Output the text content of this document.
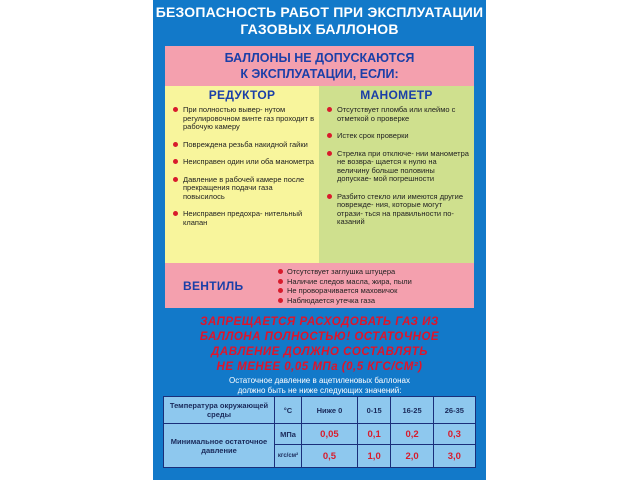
БЕЗОПАСНОСТЬ РАБОТ ПРИ ЭКСПЛУАТАЦИИ
ГАЗОВЫХ БАЛЛОНОВ
БАЛЛОНЫ НЕ ДОПУСКАЮТСЯ
К ЭКСПЛУАТАЦИИ, ЕСЛИ:
РЕДУКТОР
При полностью вывер- нутом регулировочном винте газ проходит в рабочую камеру
Повреждена резьба накидной гайки
Неисправен один или оба манометра
Давление в рабочей камере после прекращения подачи газа повысилось
Неисправен предохра- нительный клапан
МАНОМЕТР
Отсутствует пломба или клеймо с отметкой о проверке
Истек срок проверки
Стрелка при отключе- нии манометра не возвра- щается к нулю на величину больше половины допускае- мой погрешности
Разбито стекло или имеются другие поврежде- ния, которые могут отрази- ться на правильности по- казаний
ВЕНТИЛЬ
Отсутствует заглушка штуцера
Наличие следов масла, жира, пыли
Не проворачивается маховичок
Наблюдается утечка газа
ЗАПРЕЩАЕТСЯ РАСХОДОВАТЬ ГАЗ ИЗ
БАЛЛОНА ПОЛНОСТЬЮ! ОСТАТОЧНОЕ
ДАВЛЕНИЕ ДОЛЖНО СОСТАВЛЯТЬ
НЕ МЕНЕЕ 0,05 МПа (0,5 КГС/СМ²)
Остаточное давление в ацетиленовых баллонах
должно быть не ниже следующих значений:
Температура окружающей среды	°С	Ниже 0	0-15	16-25	26-35
Минимальное остаточное давление	МПа	0,05	0,1	0,2	0,3
	кгс/см²	0,5	1,0	2,0	3,0
